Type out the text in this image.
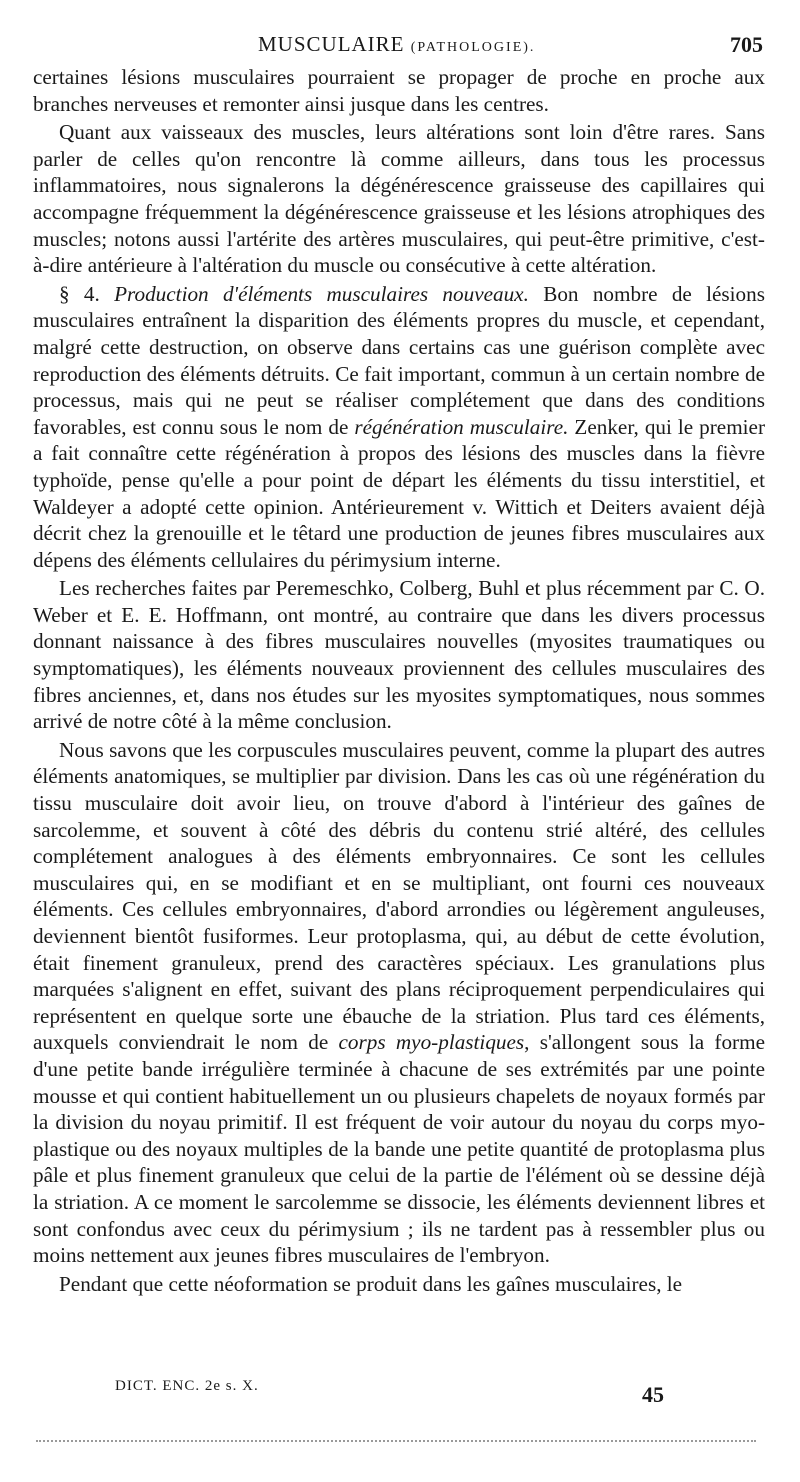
MUSCULAIRE (PATHOLOGIE).	705

certaines lésions musculaires pourraient se propager de proche en proche aux branches nerveuses et remonter ainsi jusque dans les centres.

Quant aux vaisseaux des muscles, leurs altérations sont loin d'être rares. Sans parler de celles qu'on rencontre là comme ailleurs, dans tous les processus inflammatoires, nous signalerons la dégénérescence graisseuse des capillaires qui accompagne fréquemment la dégénérescence graisseuse et les lésions atrophiques des muscles; notons aussi l'artérite des artères musculaires, qui peut-être primitive, c'est-à-dire antérieure à l'altération du muscle ou consécutive à cette altération.

§ 4. Production d'éléments musculaires nouveaux. Bon nombre de lésions musculaires entraînent la disparition des éléments propres du muscle, et cependant, malgré cette destruction, on observe dans certains cas une guérison complète avec reproduction des éléments détruits. Ce fait important, commun à un certain nombre de processus, mais qui ne peut se réaliser complétement que dans des conditions favorables, est connu sous le nom de régénération musculaire. Zenker, qui le premier a fait connaître cette régénération à propos des lésions des muscles dans la fièvre typhoïde, pense qu'elle a pour point de départ les éléments du tissu interstitiel, et Waldeyer a adopté cette opinion. Antérieurement v. Wittich et Deiters avaient déjà décrit chez la grenouille et le têtard une production de jeunes fibres musculaires aux dépens des éléments cellulaires du périmysium interne.

Les recherches faites par Peremeschko, Colberg, Buhl et plus récemment par C. O. Weber et E. E. Hoffmann, ont montré, au contraire que dans les divers processus donnant naissance à des fibres musculaires nouvelles (myosites traumatiques ou symptomatiques), les éléments nouveaux proviennent des cellules musculaires des fibres anciennes, et, dans nos études sur les myosites symptomatiques, nous sommes arrivé de notre côté à la même conclusion.

Nous savons que les corpuscules musculaires peuvent, comme la plupart des autres éléments anatomiques, se multiplier par division. Dans les cas où une régénération du tissu musculaire doit avoir lieu, on trouve d'abord à l'intérieur des gaînes de sarcolemme, et souvent à côté des débris du contenu strié altéré, des cellules complétement analogues à des éléments embryonnaires. Ce sont les cellules musculaires qui, en se modifiant et en se multipliant, ont fourni ces nouveaux éléments. Ces cellules embryonnaires, d'abord arrondies ou légèrement anguleuses, deviennent bientôt fusiformes. Leur protoplasma, qui, au début de cette évolution, était finement granuleux, prend des caractères spéciaux. Les granulations plus marquées s'alignent en effet, suivant des plans réciproquement perpendiculaires qui représentent en quelque sorte une ébauche de la striation. Plus tard ces éléments, auxquels conviendrait le nom de corps myo-plastiques, s'allongent sous la forme d'une petite bande irrégulière terminée à chacune de ses extrémités par une pointe mousse et qui contient habituellement un ou plusieurs chapelets de noyaux formés par la division du noyau primitif. Il est fréquent de voir autour du noyau du corps myo-plastique ou des noyaux multiples de la bande une petite quantité de protoplasma plus pâle et plus finement granuleux que celui de la partie de l'élément où se dessine déjà la striation. A ce moment le sarcolemme se dissocie, les éléments deviennent libres et sont confondus avec ceux du périmysium ; ils ne tardent pas à ressembler plus ou moins nettement aux jeunes fibres musculaires de l'embryon.

Pendant que cette néoformation se produit dans les gaînes musculaires, le

DICT. ENC. 2e s. X.	45
